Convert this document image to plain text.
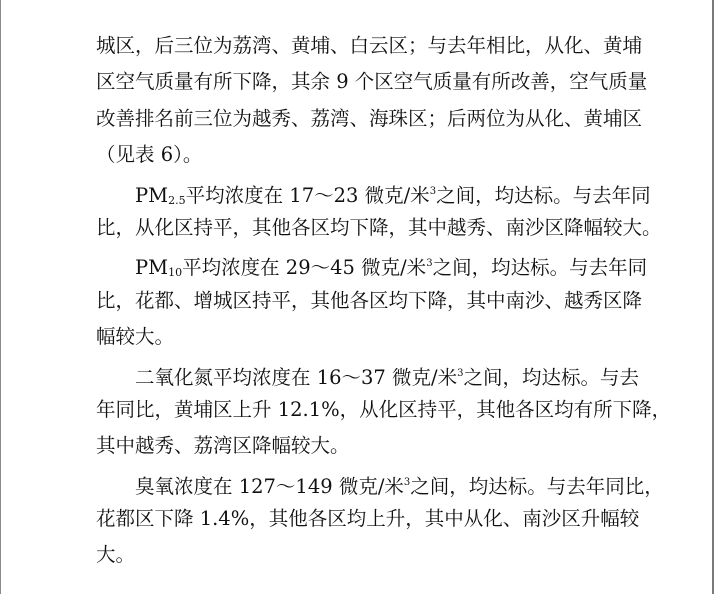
城区，后三位为荔湾、黄埔、白云区；与去年相比，从化、黄埔
区空气质量有所下降，其余 9 个区空气质量有所改善，空气质量
改善排名前三位为越秀、荔湾、海珠区；后两位为从化、黄埔区
（见表 6）。
PM2.5平均浓度在 17～23 微克/米$^3$之间，均达标。与去年同
比，从化区持平，其他各区均下降，其中越秀、南沙区降幅较大。
PM10平均浓度在 29～45 微克/米$^3$之间，均达标。与去年同
比，花都、增城区持平，其他各区均下降，其中南沙、越秀区降
幅较大。
二氧化氮平均浓度在 16～37 微克/米$^3$之间，均达标。与去
年同比，黄埔区上升 12.1%，从化区持平，其他各区均有所下降，
其中越秀、荔湾区降幅较大。
臭氧浓度在 127～149 微克/米$^3$之间，均达标。与去年同比，
花都区下降 1.4%，其他各区均上升，其中从化、南沙区升幅较
大。
